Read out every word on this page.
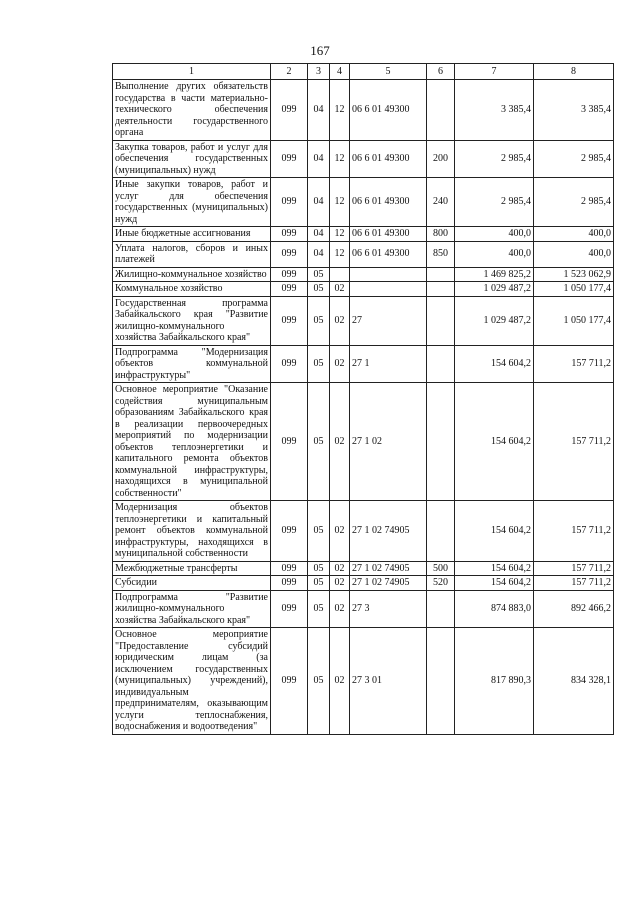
167
1	2	3	4	5	6	7	8
Выполнение других обязательств государства в части материально-технического обеспечения деятельности государственного органа	099	04	12	06 6 01 49300		3 385,4	3 385,4
Закупка товаров, работ и услуг для обеспечения государственных (муниципальных) нужд	099	04	12	06 6 01 49300	200	2 985,4	2 985,4
Иные закупки товаров, работ и услуг для обеспечения государственных (муниципальных) нужд	099	04	12	06 6 01 49300	240	2 985,4	2 985,4
Иные бюджетные ассигнования	099	04	12	06 6 01 49300	800	400,0	400,0
Уплата налогов, сборов и иных платежей	099	04	12	06 6 01 49300	850	400,0	400,0
Жилищно-коммунальное хозяйство	099	05				1 469 825,2	1 523 062,9
Коммунальное хозяйство	099	05	02			1 029 487,2	1 050 177,4
Государственная программа Забайкальского края "Развитие жилищно-коммунального хозяйства Забайкальского края"	099	05	02	27		1 029 487,2	1 050 177,4
Подпрограмма "Модернизация объектов коммунальной инфраструктуры"	099	05	02	27 1		154 604,2	157 711,2
Основное мероприятие "Оказание содействия муниципальным образованиям Забайкальского края в реализации первоочередных мероприятий по модернизации объектов теплоэнергетики и капитального ремонта объектов коммунальной инфраструктуры, находящихся в муниципальной собственности"	099	05	02	27 1 02		154 604,2	157 711,2
Модернизация объектов теплоэнергетики и капитальный ремонт объектов коммунальной инфраструктуры, находящихся в муниципальной собственности	099	05	02	27 1 02 74905		154 604,2	157 711,2
Межбюджетные трансферты	099	05	02	27 1 02 74905	500	154 604,2	157 711,2
Субсидии	099	05	02	27 1 02 74905	520	154 604,2	157 711,2
Подпрограмма "Развитие жилищно-коммунального хозяйства Забайкальского края"	099	05	02	27 3		874 883,0	892 466,2
Основное мероприятие "Предоставление субсидий юридическим лицам (за исключением государственных (муниципальных) учреждений), индивидуальным предпринимателям, оказывающим услуги теплоснабжения, водоснабжения и водоотведения"	099	05	02	27 3 01		817 890,3	834 328,1
